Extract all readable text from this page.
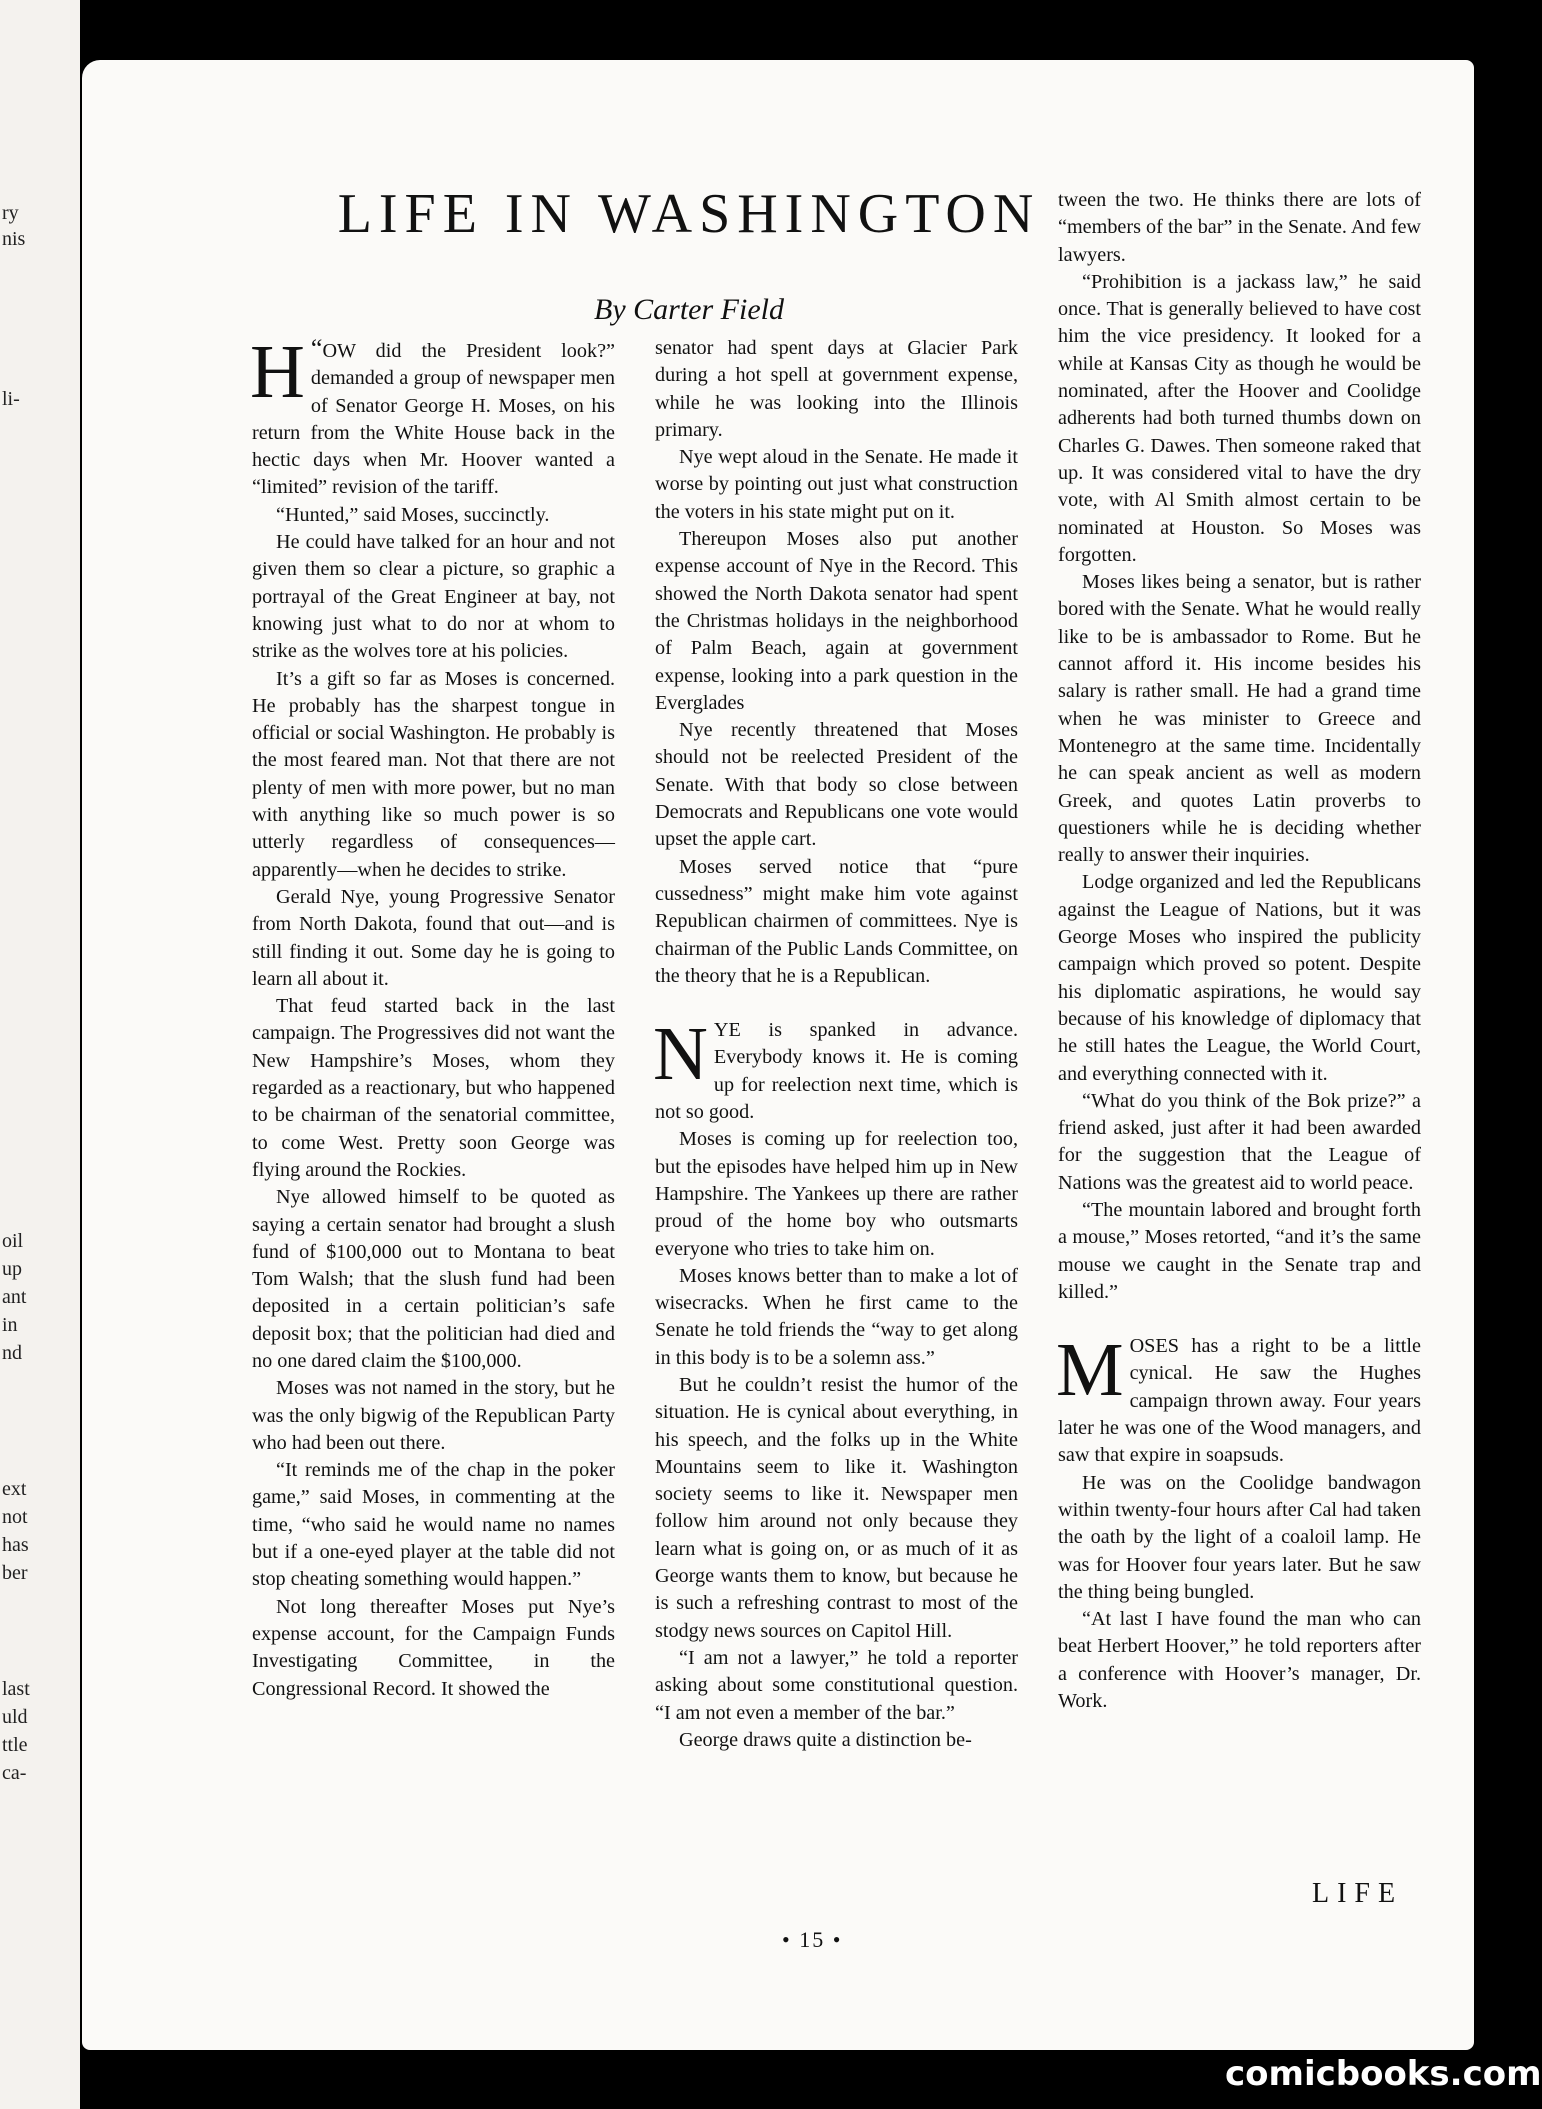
ry
nis
li-
oil
up
ant
in
nd
ext
not
has
ber
last
uld
ttle
ca-
LIFE IN WASHINGTON
By Carter Field

“
H OW did the President look?” demanded a group of newspaper men of Senator George H. Moses, on his return from the White House back in the hectic days when Mr. Hoover wanted a “limited” revision of the tariff.

“Hunted,” said Moses, succinctly.

He could have talked for an hour and not given them so clear a picture, so graphic a portrayal of the Great Engineer at bay, not knowing just what to do nor at whom to strike as the wolves tore at his policies.

It’s a gift so far as Moses is concerned. He probably has the sharpest tongue in official or social Washington. He probably is the most feared man. Not that there are not plenty of men with more power, but no man with anything like so much power is so utterly regardless of consequences—apparently—when he decides to strike.

Gerald Nye, young Progressive Senator from North Dakota, found that out—and is still finding it out. Some day he is going to learn all about it.

That feud started back in the last campaign. The Progressives did not want the New Hampshire’s Moses, whom they regarded as a reactionary, but who happened to be chairman of the senatorial committee, to come West. Pretty soon George was flying around the Rockies.

Nye allowed himself to be quoted as saying a certain senator had brought a slush fund of $100,000 out to Montana to beat Tom Walsh; that the slush fund had been deposited in a certain politician’s safe deposit box; that the politician had died and no one dared claim the $100,000.

Moses was not named in the story, but he was the only bigwig of the Republican Party who had been out there.

“It reminds me of the chap in the poker game,” said Moses, in commenting at the time, “who said he would name no names but if a one-eyed player at the table did not stop cheating something would happen.”

Not long thereafter Moses put Nye’s expense account, for the Campaign Funds Investigating Committee, in the Congressional Record. It showed the

senator had spent days at Glacier Park during a hot spell at government expense, while he was looking into the Illinois primary.

Nye wept aloud in the Senate. He made it worse by pointing out just what construction the voters in his state might put on it.

Thereupon Moses also put another expense account of Nye in the Record. This showed the North Dakota senator had spent the Christmas holidays in the neighborhood of Palm Beach, again at government expense, looking into a park question in the Everglades

Nye recently threatened that Moses should not be reelected President of the Senate. With that body so close between Democrats and Republicans one vote would upset the apple cart.

Moses served notice that “pure cussedness” might make him vote against Republican chairmen of committees. Nye is chairman of the Public Lands Committee, on the theory that he is a Republican.

NYE is spanked in advance. Everybody knows it. He is coming up for reelection next time, which is not so good.

Moses is coming up for reelection too, but the episodes have helped him up in New Hampshire. The Yankees up there are rather proud of the home boy who outsmarts everyone who tries to take him on.

Moses knows better than to make a lot of wisecracks. When he first came to the Senate he told friends the “way to get along in this body is to be a solemn ass.”

But he couldn’t resist the humor of the situation. He is cynical about everything, in his speech, and the folks up in the White Mountains seem to like it. Washington society seems to like it. Newspaper men follow him around not only because they learn what is going on, or as much of it as George wants them to know, but because he is such a refreshing contrast to most of the stodgy news sources on Capitol Hill.

“I am not a lawyer,” he told a reporter asking about some constitutional question. “I am not even a member of the bar.”

George draws quite a distinction be-

tween the two. He thinks there are lots of “members of the bar” in the Senate. And few lawyers.

“Prohibition is a jackass law,” he said once. That is generally believed to have cost him the vice presidency. It looked for a while at Kansas City as though he would be nominated, after the Hoover and Coolidge adherents had both turned thumbs down on Charles G. Dawes. Then someone raked that up. It was considered vital to have the dry vote, with Al Smith almost certain to be nominated at Houston. So Moses was forgotten.

Moses likes being a senator, but is rather bored with the Senate. What he would really like to be is ambassador to Rome. But he cannot afford it. His income besides his salary is rather small. He had a grand time when he was minister to Greece and Montenegro at the same time. Incidentally he can speak ancient as well as modern Greek, and quotes Latin proverbs to questioners while he is deciding whether really to answer their inquiries.

Lodge organized and led the Republicans against the League of Nations, but it was George Moses who inspired the publicity campaign which proved so potent. Despite his diplomatic aspirations, he would say because of his knowledge of diplomacy that he still hates the League, the World Court, and everything connected with it.

“What do you think of the Bok prize?” a friend asked, just after it had been awarded for the suggestion that the League of Nations was the greatest aid to world peace.

“The mountain labored and brought forth a mouse,” Moses retorted, “and it’s the same mouse we caught in the Senate trap and killed.”

MOSES has a right to be a little cynical. He saw the Hughes campaign thrown away. Four years later he was one of the Wood managers, and saw that expire in soapsuds.

He was on the Coolidge bandwagon within twenty-four hours after Cal had taken the oath by the light of a coaloil lamp. He was for Hoover four years later. But he saw the thing being bungled.

“At last I have found the man who can beat Herbert Hoover,” he told reporters after a conference with Hoover’s manager, Dr. Work.

• 15 •
LIFE
comicbooks.com
